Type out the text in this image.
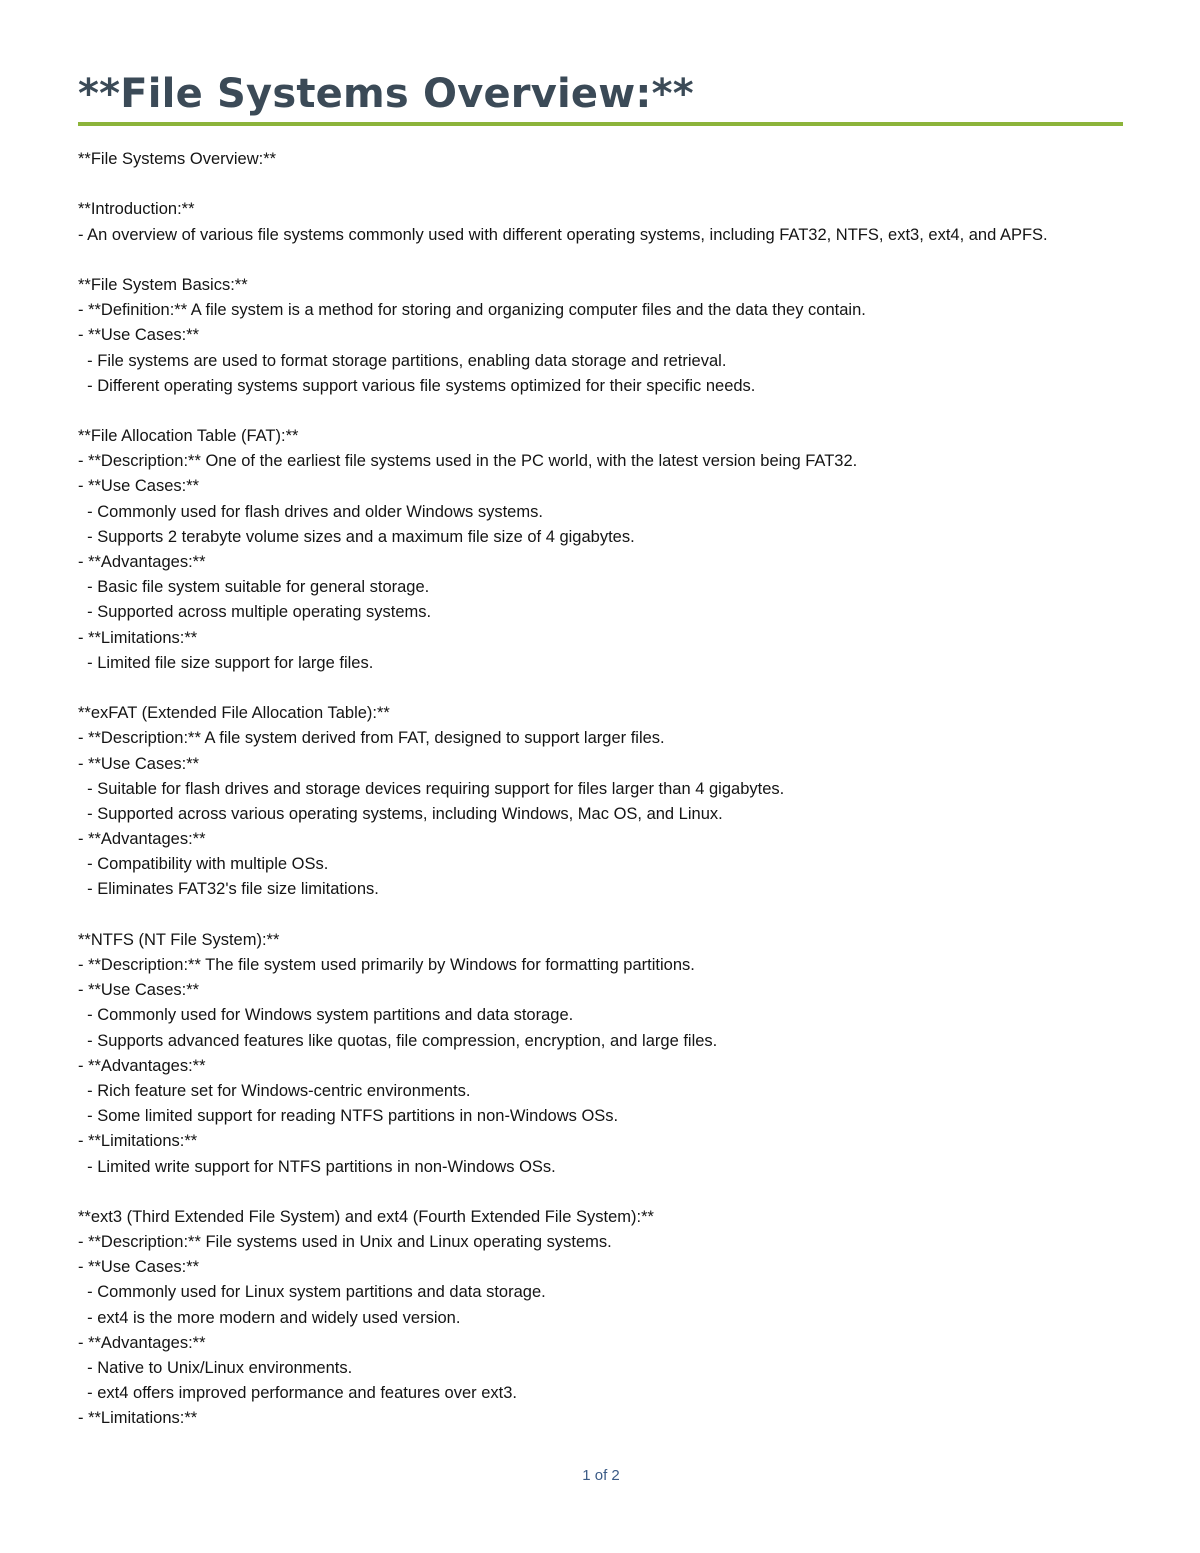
**File Systems Overview:**
**File Systems Overview:**
**Introduction:**
- An overview of various file systems commonly used with different operating systems, including FAT32, NTFS, ext3, ext4, and APFS.
**File System Basics:**
- **Definition:** A file system is a method for storing and organizing computer files and the data they contain.
- **Use Cases:**
- File systems are used to format storage partitions, enabling data storage and retrieval.
- Different operating systems support various file systems optimized for their specific needs.
**File Allocation Table (FAT):**
- **Description:** One of the earliest file systems used in the PC world, with the latest version being FAT32.
- **Use Cases:**
- Commonly used for flash drives and older Windows systems.
- Supports 2 terabyte volume sizes and a maximum file size of 4 gigabytes.
- **Advantages:**
- Basic file system suitable for general storage.
- Supported across multiple operating systems.
- **Limitations:**
- Limited file size support for large files.
**exFAT (Extended File Allocation Table):**
- **Description:** A file system derived from FAT, designed to support larger files.
- **Use Cases:**
- Suitable for flash drives and storage devices requiring support for files larger than 4 gigabytes.
- Supported across various operating systems, including Windows, Mac OS, and Linux.
- **Advantages:**
- Compatibility with multiple OSs.
- Eliminates FAT32's file size limitations.
**NTFS (NT File System):**
- **Description:** The file system used primarily by Windows for formatting partitions.
- **Use Cases:**
- Commonly used for Windows system partitions and data storage.
- Supports advanced features like quotas, file compression, encryption, and large files.
- **Advantages:**
- Rich feature set for Windows-centric environments.
- Some limited support for reading NTFS partitions in non-Windows OSs.
- **Limitations:**
- Limited write support for NTFS partitions in non-Windows OSs.
**ext3 (Third Extended File System) and ext4 (Fourth Extended File System):**
- **Description:** File systems used in Unix and Linux operating systems.
- **Use Cases:**
- Commonly used for Linux system partitions and data storage.
- ext4 is the more modern and widely used version.
- **Advantages:**
- Native to Unix/Linux environments.
- ext4 offers improved performance and features over ext3.
- **Limitations:**
1 of 2
